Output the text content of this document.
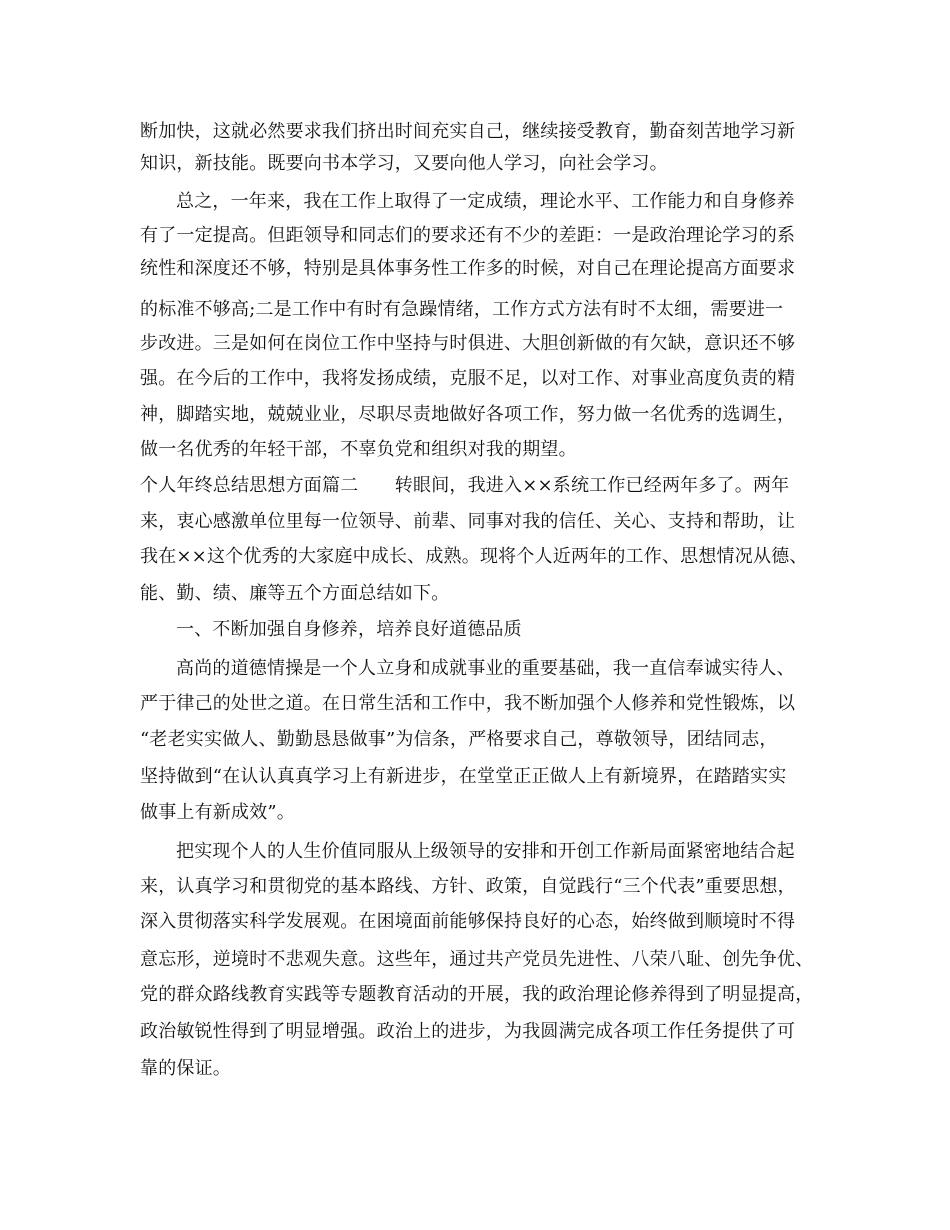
断加快，这就必然要求我们挤出时间充实自己，继续接受教育，勤奋刻苦地学习新
知识，新技能。既要向书本学习，又要向他人学习，向社会学习。
总之，一年来，我在工作上取得了一定成绩，理论水平、工作能力和自身修养
有了一定提高。但距领导和同志们的要求还有不少的差距：一是政治理论学习的系
统性和深度还不够，特别是具体事务性工作多的时候，对自己在理论提高方面要求
的标准不够高;二是工作中有时有急躁情绪，工作方式方法有时不太细，需要进一
步改进。三是如何在岗位工作中坚持与时俱进、大胆创新做的有欠缺，意识还不够
强。在今后的工作中，我将发扬成绩，克服不足，以对工作、对事业高度负责的精
神，脚踏实地，兢兢业业，尽职尽责地做好各项工作，努力做一名优秀的选调生，
做一名优秀的年轻干部，不辜负党和组织对我的期望。
个人年终总结思想方面篇二　　转眼间，我进入××系统工作已经两年多了。两年
来，衷心感激单位里每一位领导、前辈、同事对我的信任、关心、支持和帮助，让
我在××这个优秀的大家庭中成长、成熟。现将个人近两年的工作、思想情况从德、
能、勤、绩、廉等五个方面总结如下。
一、不断加强自身修养，培养良好道德品质
高尚的道德情操是一个人立身和成就事业的重要基础，我一直信奉诚实待人、
严于律己的处世之道。在日常生活和工作中，我不断加强个人修养和党性锻炼，以
“老老实实做人、勤勤恳恳做事”为信条，严格要求自己，尊敬领导，团结同志，
坚持做到“在认认真真学习上有新进步，在堂堂正正做人上有新境界，在踏踏实实
做事上有新成效”。
把实现个人的人生价值同服从上级领导的安排和开创工作新局面紧密地结合起
来，认真学习和贯彻党的基本路线、方针、政策，自觉践行“三个代表”重要思想，
深入贯彻落实科学发展观。在困境面前能够保持良好的心态，始终做到顺境时不得
意忘形，逆境时不悲观失意。这些年，通过共产党员先进性、八荣八耻、创先争优、
党的群众路线教育实践等专题教育活动的开展，我的政治理论修养得到了明显提高，
政治敏锐性得到了明显增强。政治上的进步，为我圆满完成各项工作任务提供了可
靠的保证。
